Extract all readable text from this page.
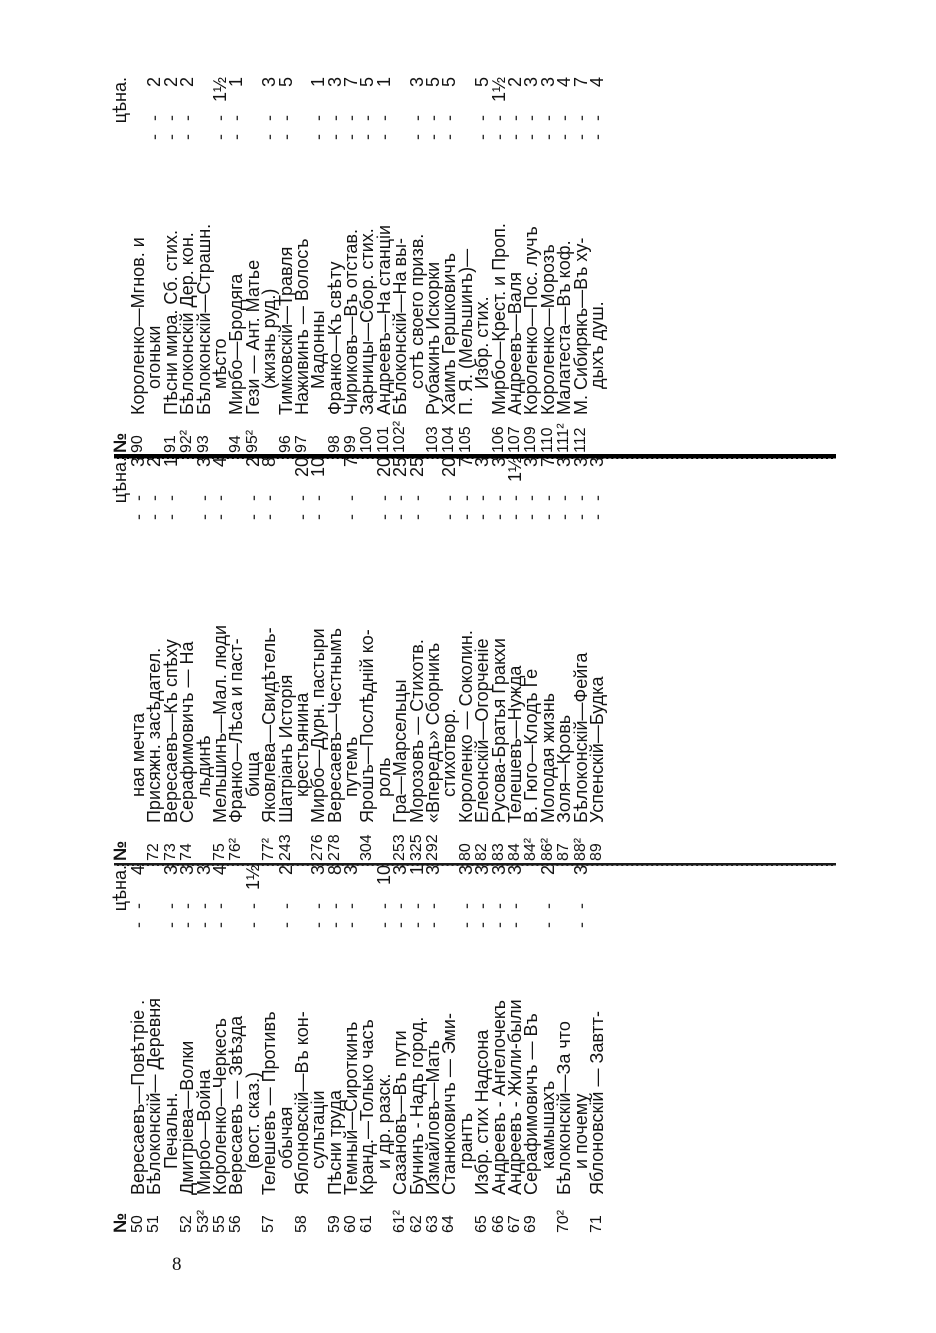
8
№
цѣна.
50
Вересаевъ—Повѣтріе .
- -
4
51
Бѣлоконскій— Деревня
Печальн.
- -
3
52
Дмитріева—Волки
- -
3
53²
Мирбо—Война
- -
3
55
Короленко—Черкесъ
- -
4
56
Вересаевъ — Звѣзда
(вост. сказ.)
- -
1½
57
Телешевъ — Противъ
обычая
- -
2
58
Яблоновскій—Въ кон-
сультаціи
- -
3
59
Пѣсни труда
- -
8
60
Темный—Сироткинъ
- -
3
61
Кранд.—Только часъ
и др. разск.
- -
10
61²
Сазановъ—Въ пути
- -
3
62
Бунинъ - Надъ город.
- -
1
63
Измайловъ—Мать
- -
3
64
Станюковичъ — Эми-
грантъ
- -
3
65
Избр. стих Надсона
- -
3
66
Андреевъ - Ангелочекъ
- -
3
67
Андреевъ - Жили-были
- -
3
69
Серафимовичъ — Въ
камышахъ
- -
2
70²
Бѣлоконскій—За что
и почему
- -
3
71
Яблоновскій — Завтт-
№
цѣна.
ная мечта
- -
3
72
Присяжн. засѣдател.
- -
2
73
Вересаевъ—Къ спѣху
- -
1
74
Серафимовичъ — На
льдинѣ
- -
3
75
Мельшинъ—Мал. люди
- -
4
76²
Франко—Лѣса и паст-
бища
- -
2
77²
Яковлева—Свидѣтель-
- -
8
243
Шатріанъ Исторія
крестьянина
- -
20
276
Мирбо—Дурн. пастыри
- -
10
278
Вересаевъ—Честнымъ
путемъ
- -
7
304
Ярошъ—Послѣдній ко-
роль
- -
20
253
Гра—Марсельцы
- -
25
325
Морозовъ — Стихотв.
- -
25
292
«Впередъ» Сборникъ
стихотвор.
- -
20
80
Короленко — Соколин.
- -
7
82
Елеонскій—Огорченіе
- -
3
83
Русова-Братья Гракхи
- -
3
84
Телешевъ—Нужда
- -
1½
84²
В. Гюго—Клодъ Ге
- -
3
86²
Молодая жизнь
- -
7
87
Золя—Кровь
- -
3
88²
Бѣлоконскій—Фейга
- -
3
89
Успенскій—Будка
- -
3
№
цѣна.
90
Короленко—Мгнов. и
огоньки
- -
2
91
Пѣсни мира. Сб. стих.
- -
2
92²
Бѣлоконскій Дер. кон.
- -
2
93
Бѣлоконскій—Страшн.
мѣсто
- -
1½
94
Мирбо—Бродяга
- -
1
95²
Гези — Ант. Матье
(жизнь руд.)
- -
3
96
Тимковскій—Травля
- -
5
97
Наживинъ — Волосъ
Мадонны
- -
1
98
Франко—Къ свѣту
- -
3
99
Чириковъ—Въ отстав.
- -
7
100
Зарницы—Сбор. стих.
- -
5
101
Андреевъ—На станціи
- -
1
102²
Бѣлоконскій—На вы-
сотѣ своего призв.
- -
3
103
Рубакинъ Искорки
- -
5
104
Хаимъ Гершковичъ
- -
5
105
П. Я. (Мельшинъ)—
Избр. стих.
- -
5
106
Мирбо—Крест. и Проп.
- -
1½
107
Андреевъ—Валя
- -
2
109
Короленко—Пос. лучъ
- -
3
110
Короленко—Морозъ
- -
3
111²
Малатеста—Въ коф.
- -
4
112
М. Сибирякъ—Въ ху-
- -
7
дыхъ душ.
- -
4
